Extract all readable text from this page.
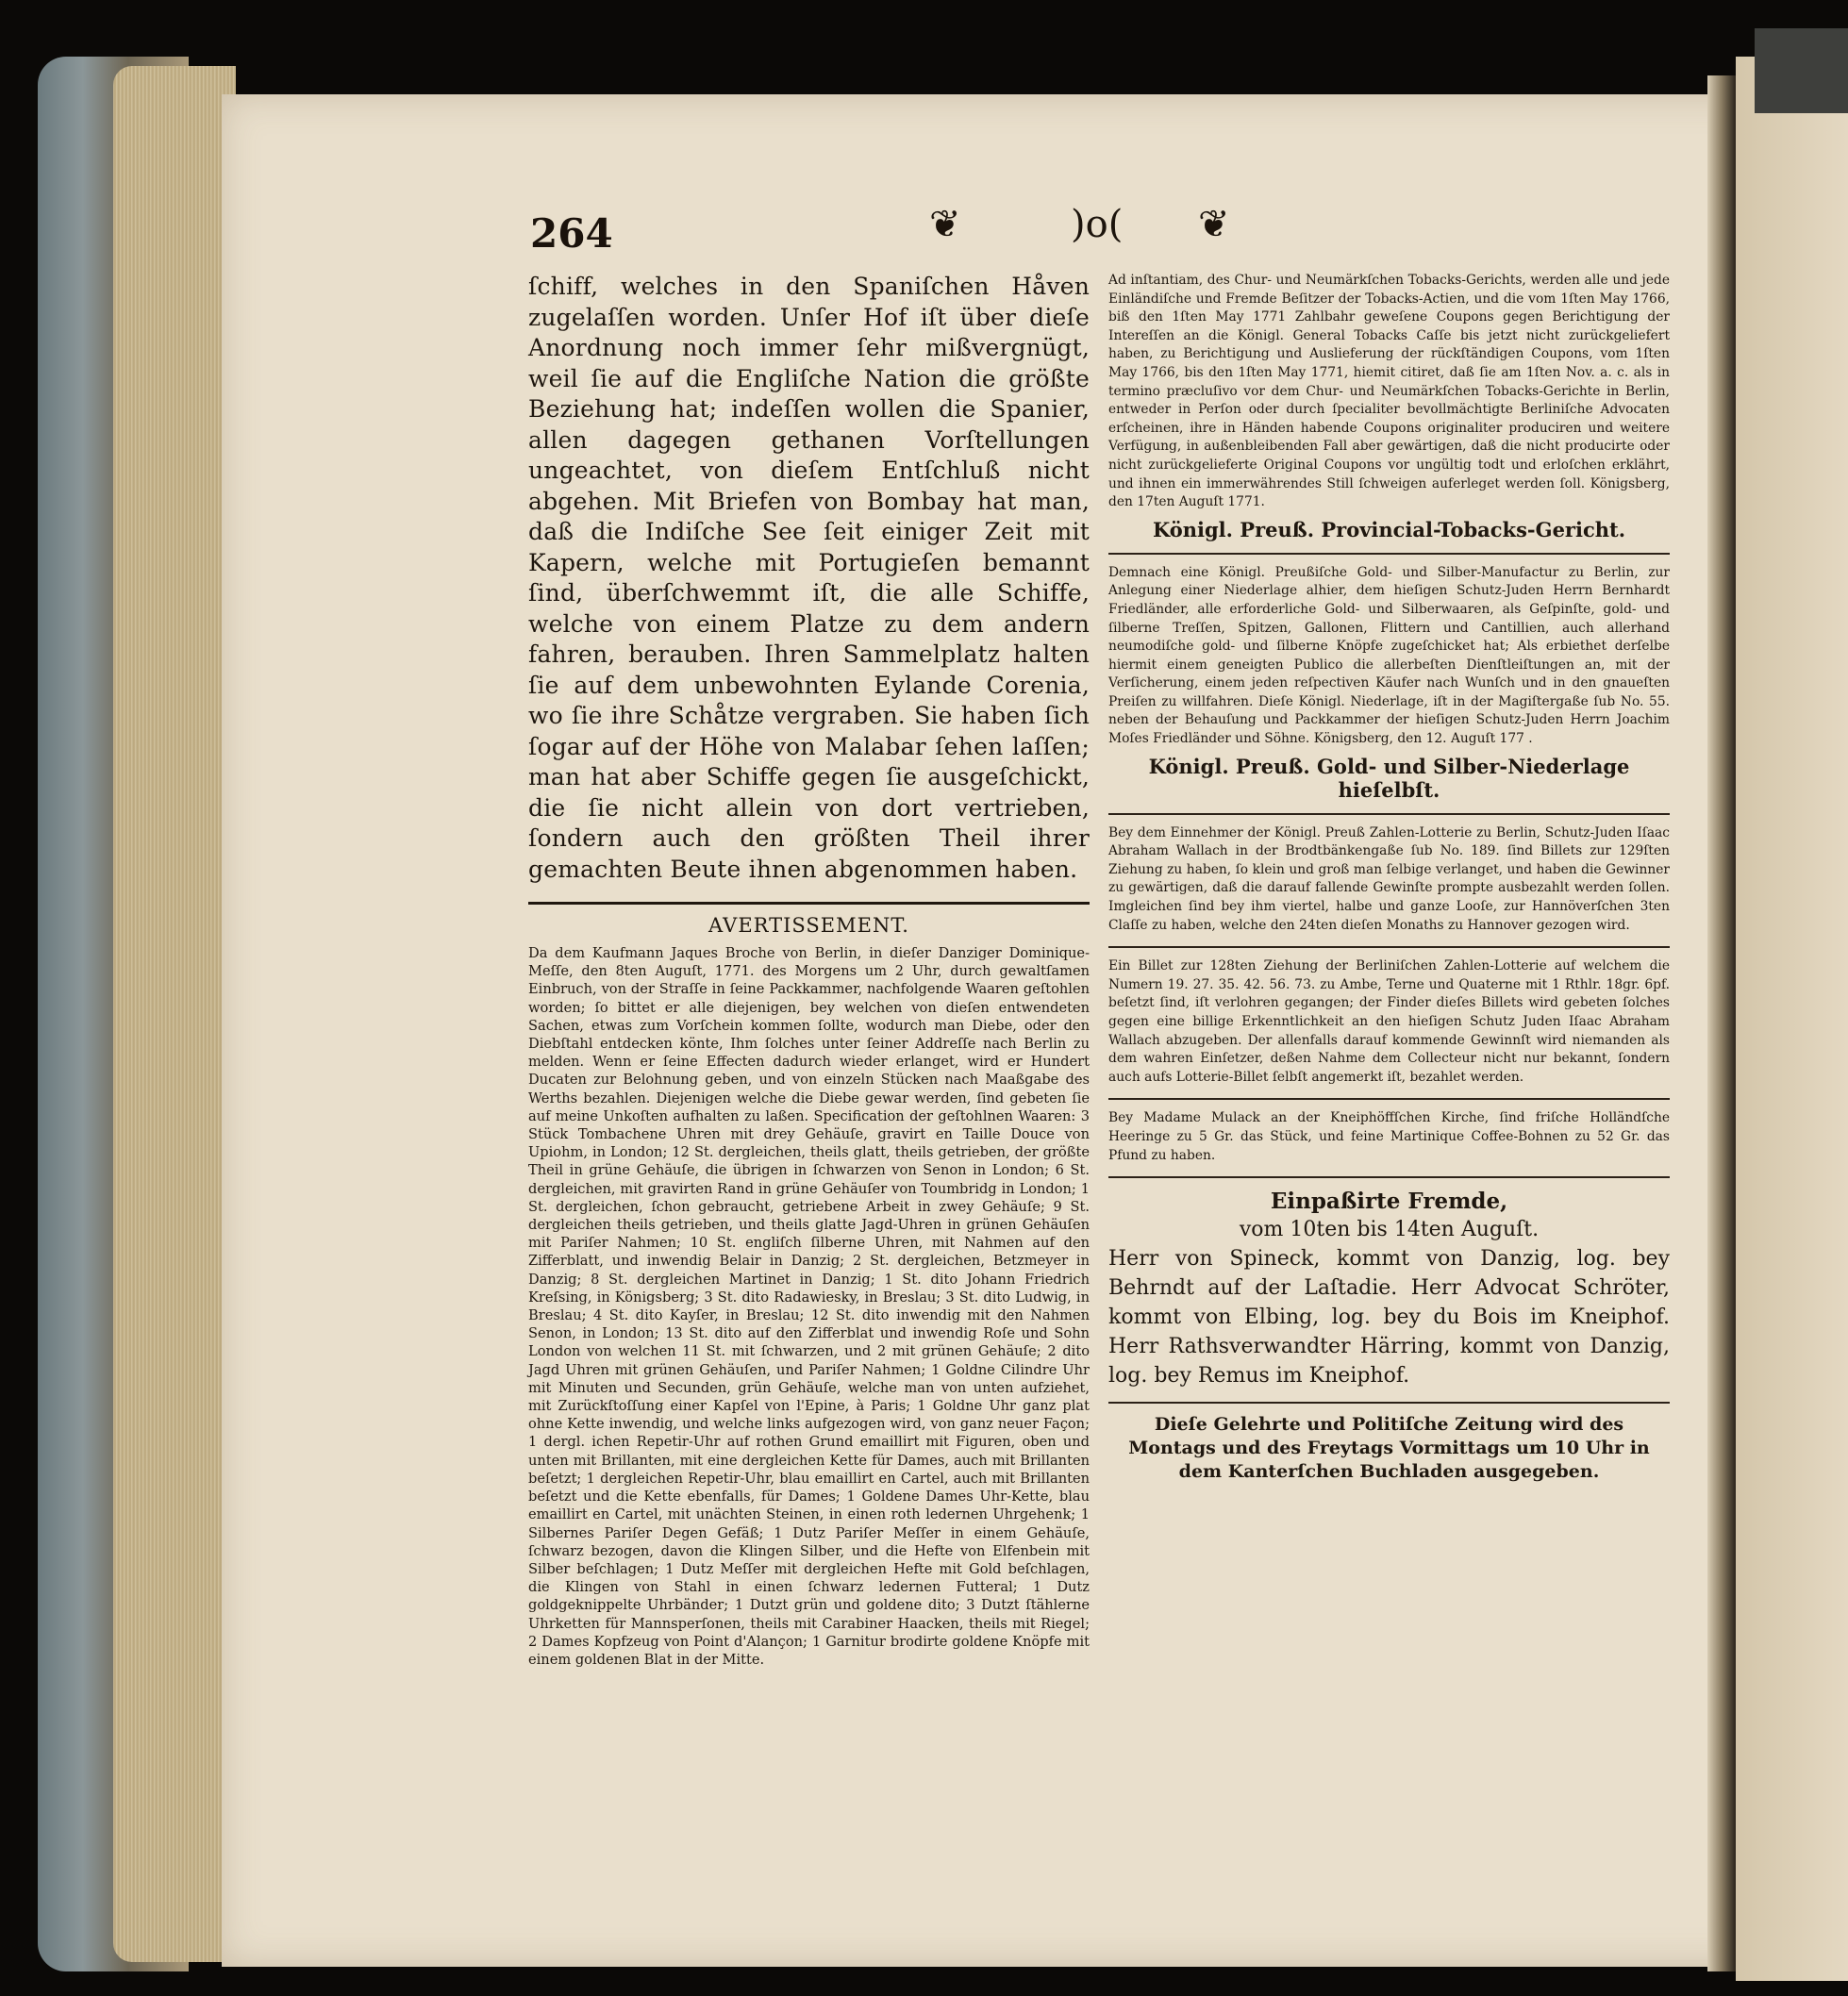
264	❦	)o( ❦

ſchiff, welches in den Spaniſchen Håven zugelaſſen worden. Unſer Hof iſt über dieſe Anordnung noch immer ſehr mißvergnügt, weil ſie auf die Engliſche Nation die größte Beziehung hat; indeſſen wollen die Spanier, allen dagegen gethanen Vorſtellungen ungeachtet, von dieſem Entſchluß nicht abgehen. Mit Briefen von Bombay hat man, daß die Indiſche See ſeit einiger Zeit mit Kapern, welche mit Portugieſen bemannt ſind, überſchwemmt iſt, die alle Schiffe, welche von einem Platze zu dem andern fahren, berauben. Ihren Sammelplatz halten ſie auf dem unbewohnten Eylande Corenia, wo ſie ihre Schåtze vergraben. Sie haben ſich ſogar auf der Höhe von Malabar ſehen laſſen; man hat aber Schiffe gegen ſie ausgeſchickt, die ſie nicht allein von dort vertrieben, ſondern auch den größten Theil ihrer gemachten Beute ihnen abgenommen haben.

AVERTISSEMENT.

Da dem Kaufmann Jaques Broche von Berlin, in dieſer Danziger Dominique-Meſſe, den 8ten Auguſt, 1771. des Morgens um 2 Uhr, durch gewaltſamen Einbruch, von der Straſſe in ſeine Packkammer, nachfolgende Waaren geſtohlen worden; ſo bittet er alle diejenigen, bey welchen von dieſen entwendeten Sachen, etwas zum Vorſchein kommen ſollte, wodurch man Diebe, oder den Diebſtahl entdecken könte, Ihm ſolches unter ſeiner Addreſſe nach Berlin zu melden. Wenn er ſeine Effecten dadurch wieder erlanget, wird er Hundert Ducaten zur Belohnung geben, und von einzeln Stücken nach Maaßgabe des Werths bezahlen. Diejenigen welche die Diebe gewar werden, ſind gebeten ſie auf meine Unkoſten aufhalten zu laßen. Specification der geſtohlnen Waaren: 3 Stück Tombachene Uhren mit drey Gehäuſe, gravirt en Taille Douce von Upiohm, in London; 12 St. dergleichen, theils glatt, theils getrieben, der größte Theil in grüne Gehäuſe, die übrigen in ſchwarzen von Senon in London; 6 St. dergleichen, mit gravirten Rand in grüne Gehäuſer von Toumbridg in London; 1 St. dergleichen, ſchon gebraucht, getriebene Arbeit in zwey Gehäuſe; 9 St. dergleichen theils getrieben, und theils glatte Jagd-Uhren in grünen Gehäuſen mit Pariſer Nahmen; 10 St. engliſch ſilberne Uhren, mit Nahmen auf den Zifferblatt, und inwendig Belair in Danzig; 2 St. dergleichen, Betzmeyer in Danzig; 8 St. dergleichen Martinet in Danzig; 1 St. dito Johann Friedrich Kreſsing, in Königsberg; 3 St. dito Radawiesky, in Breslau; 3 St. dito Ludwig, in Breslau; 4 St. dito Kayſer, in Breslau; 12 St. dito inwendig mit den Nahmen Senon, in London; 13 St. dito auf den Zifferblat und inwendig Roſe und Sohn London von welchen 11 St. mit ſchwarzen, und 2 mit grünen Gehäuſe; 2 dito Jagd Uhren mit grünen Gehäuſen, und Pariſer Nahmen; 1 Goldne Cilindre Uhr mit Minuten und Secunden, grün Gehäuſe, welche man von unten aufziehet, mit Zurückſtoſſung einer Kapſel von l'Epine, à Paris; 1 Goldne Uhr ganz plat ohne Kette inwendig, und welche links aufgezogen wird, von ganz neuer Façon; 1 dergl. ichen Repetir-Uhr auf rothen Grund emaillirt mit Figuren, oben und unten mit Brillanten, mit eine dergleichen Kette für Dames, auch mit Brillanten beſetzt; 1 dergleichen Repetir-Uhr, blau emaillirt en Cartel, auch mit Brillanten beſetzt und die Kette ebenfalls, für Dames; 1 Goldene Dames Uhr-Kette, blau emaillirt en Cartel, mit unächten Steinen, in einen roth ledernen Uhrgehenk; 1 Silbernes Pariſer Degen Gefäß; 1 Dutz Pariſer Meſſer in einem Gehäuſe, ſchwarz bezogen, davon die Klingen Silber, und die Hefte von Elfenbein mit Silber beſchlagen; 1 Dutz Meſſer mit dergleichen Hefte mit Gold beſchlagen, die Klingen von Stahl in einen ſchwarz ledernen Futteral; 1 Dutz goldgeknippelte Uhrbänder; 1 Dutzt grün und goldene dito; 3 Dutzt ſtählerne Uhrketten für Mannsperſonen, theils mit Carabiner Haacken, theils mit Riegel; 2 Dames Kopfzeug von Point d'Alançon; 1 Garnitur brodirte goldene Knöpfe mit einem goldenen Blat in der Mitte.

Ad inſtantiam, des Chur- und Neumärkſchen Tobacks-Gerichts, werden alle und jede Einländiſche und Fremde Beſitzer der Tobacks-Actien, und die vom 1ſten May 1766, biß den 1ſten May 1771 Zahlbahr geweſene Coupons gegen Berichtigung der Intereſſen an die Königl. General Tobacks Caſſe bis jetzt nicht zurückgeliefert haben, zu Berichtigung und Auslieferung der rückſtändigen Coupons, vom 1ſten May 1766, bis den 1ſten May 1771, hiemit citiret, daß ſie am 1ſten Nov. a. c. als in termino præcluſivo vor dem Chur- und Neumärkſchen Tobacks-Gerichte in Berlin, entweder in Perſon oder durch ſpecialiter bevollmächtigte Berliniſche Advocaten erſcheinen, ihre in Händen habende Coupons originaliter produciren und weitere Verfügung, in außenbleibenden Fall aber gewärtigen, daß die nicht producirte oder nicht zurückgelieferte Original Coupons vor ungültig todt und erloſchen erklährt, und ihnen ein immerwährendes Still ſchweigen auferleget werden ſoll. Königsberg, den 17ten Auguſt 1771.

Königl. Preuß. Provincial-Tobacks-Gericht.

Demnach eine Königl. Preußiſche Gold- und Silber-Manufactur zu Berlin, zur Anlegung einer Niederlage alhier, dem hieſigen Schutz-Juden Herrn Bernhardt Friedländer, alle erforderliche Gold- und Silberwaaren, als Geſpinſte, gold- und ſilberne Treſſen, Spitzen, Gallonen, Flittern und Cantillien, auch allerhand neumodiſche gold- und ſilberne Knöpfe zugeſchicket hat; Als erbiethet derſelbe hiermit einem geneigten Publico die allerbeſten Dienſtleiſtungen an, mit der Verſicherung, einem jeden reſpectiven Käufer nach Wunſch und in den gnaueſten Preiſen zu willfahren. Dieſe Königl. Niederlage, iſt in der Magiſtergaße ſub No. 55. neben der Behauſung und Packkammer der hieſigen Schutz-Juden Herrn Joachim Moſes Friedländer und Söhne. Königsberg, den 12. Auguſt 177 .

Königl. Preuß. Gold- und Silber-Niederlage hieſelbſt.

Bey dem Einnehmer der Königl. Preuß Zahlen-Lotterie zu Berlin, Schutz-Juden Iſaac Abraham Wallach in der Brodtbänkengaße ſub No. 189. ſind Billets zur 129ſten Ziehung zu haben, ſo klein und groß man ſelbige verlanget, und haben die Gewinner zu gewärtigen, daß die darauf fallende Gewinſte prompte ausbezahlt werden ſollen. Imgleichen ſind bey ihm viertel, halbe und ganze Looſe, zur Hannöverſchen 3ten Claſſe zu haben, welche den 24ten dieſen Monaths zu Hannover gezogen wird.

Ein Billet zur 128ten Ziehung der Berliniſchen Zahlen-Lotterie auf welchem die Numern 19. 27. 35. 42. 56. 73. zu Ambe, Terne und Quaterne mit 1 Rthlr. 18gr. 6pf. beſetzt ſind, iſt verlohren gegangen; der Finder dieſes Billets wird gebeten ſolches gegen eine billige Erkenntlichkeit an den hieſigen Schutz Juden Iſaac Abraham Wallach abzugeben. Der allenfalls darauf kommende Gewinnſt wird niemanden als dem wahren Einſetzer, deßen Nahme dem Collecteur nicht nur bekannt, ſondern auch aufs Lotterie-Billet ſelbſt angemerkt iſt, bezahlet werden.

Bey Madame Mulack an der Kneiphöffſchen Kirche, ſind friſche Holländſche Heeringe zu 5 Gr. das Stück, und feine Martinique Coffee-Bohnen zu 52 Gr. das Pfund zu haben.

Einpaßirte Fremde,
vom 10ten bis 14ten Auguſt.

Herr von Spineck, kommt von Danzig, log. bey Behrndt auf der Laſtadie. Herr Advocat Schröter, kommt von Elbing, log. bey du Bois im Kneiphof. Herr Rathsverwandter Härring, kommt von Danzig, log. bey Remus im Kneiphof.

Dieſe Gelehrte und Politiſche Zeitung wird des Montags und des Freytags Vormittags um 10 Uhr in dem Kanterſchen Buchladen ausgegeben.
